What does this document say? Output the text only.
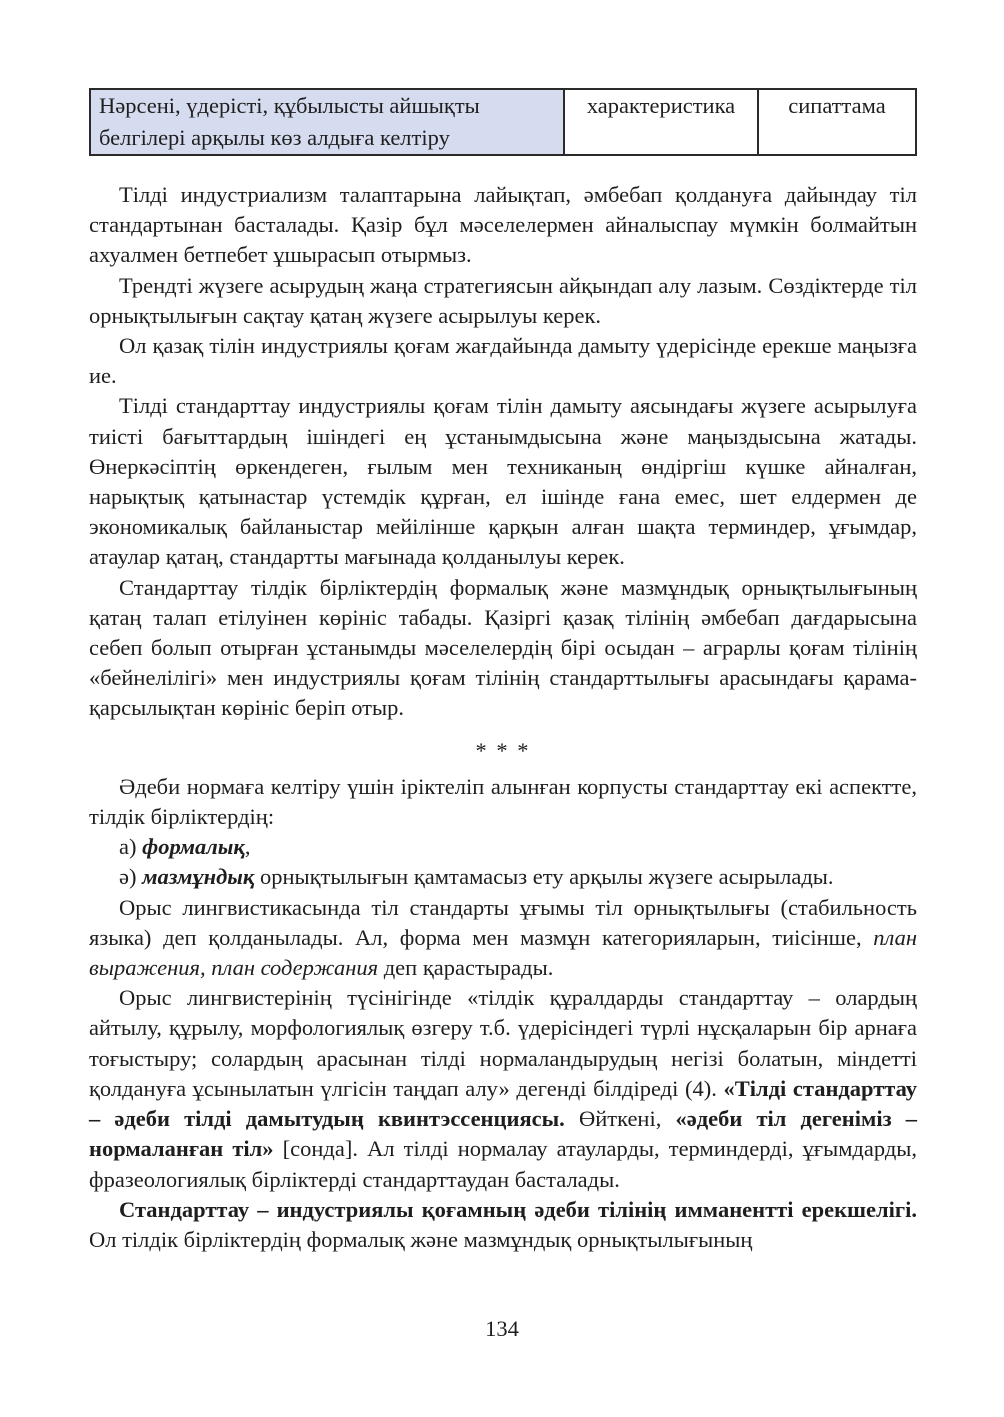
Нәрсені, үдерісті, құбылысты айшықты белгілері арқылы көз алдыға келтіру	характеристика	сипаттама

Тілді индустриализм талаптарына лайықтап, әмбебап қолдануға дайындау тіл стандартынан басталады. Қазір бұл мәселелермен айналыспау мүмкін болмайтын ахуалмен бетпебет ұшырасып отырмыз.

Трендті жүзеге асырудың жаңа стратегиясын айқындап алу лазым. Сөздіктерде тіл орнықтылығын сақтау қатаң жүзеге асырылуы керек.

Ол қазақ тілін индустриялы қоғам жағдайында дамыту үдерісінде ерекше маңызға ие.

Тілді стандарттау индустриялы қоғам тілін дамыту аясындағы жүзеге асырылуға тиісті бағыттардың ішіндегі ең ұстанымдысына және маңыздысына жатады. Өнеркәсіптің өркендеген, ғылым мен техниканың өндіргіш күшке айналған, нарықтық қатынастар үстемдік құрған, ел ішінде ғана емес, шет елдермен де экономикалық байланыстар мейілінше қарқын алған шақта терминдер, ұғымдар, атаулар қатаң, стандартты мағынада қолданылуы керек.

Стандарттау тілдік бірліктердің формалық және мазмұндық орнықтылығының қатаң талап етілуінен көрініс табады. Қазіргі қазақ тілінің әмбебап дағдарысына себеп болып отырған ұстанымды мәселелердің бірі осыдан – аграрлы қоғам тілінің «бейнелілігі» мен индустриялы қоғам тілінің стандарттылығы арасындағы қарама-қарсылықтан көрініс беріп отыр.

* * *

Әдеби нормаға келтіру үшін іріктеліп алынған корпусты стандарттау екі аспектте, тілдік бірліктердің:

а) формалық,

ә) мазмұндық орнықтылығын қамтамасыз ету арқылы жүзеге асырылады.

Орыс лингвистикасында тіл стандарты ұғымы тіл орнықтылығы (стабильность языка) деп қолданылады. Ал, форма мен мазмұн категорияларын, тиісінше, план выражения, план содержания деп қарастырады.

Орыс лингвистерінің түсінігінде «тілдік құралдарды стандарттау – олардың айтылу, құрылу, морфологиялық өзгеру т.б. үдерісіндегі түрлі нұсқаларын бір арнаға тоғыстыру; солардың арасынан тілді нормаландырудың негізі болатын, міндетті қолдануға ұсынылатын үлгісін таңдап алу» дегенді білдіреді (4). «Тілді стандарттау – әдеби тілді дамытудың квинтэссенциясы. Өйткені, «әдеби тіл дегеніміз – нормаланған тіл» [сонда]. Ал тілді нормалау атауларды, терминдерді, ұғымдарды, фразеологиялық бірліктерді стандарттаудан басталады.

Стандарттау – индустриялы қоғамның әдеби тілінің имманентті ерекшелігі. Ол тілдік бірліктердің формалық және мазмұндық орнықтылығының

134
